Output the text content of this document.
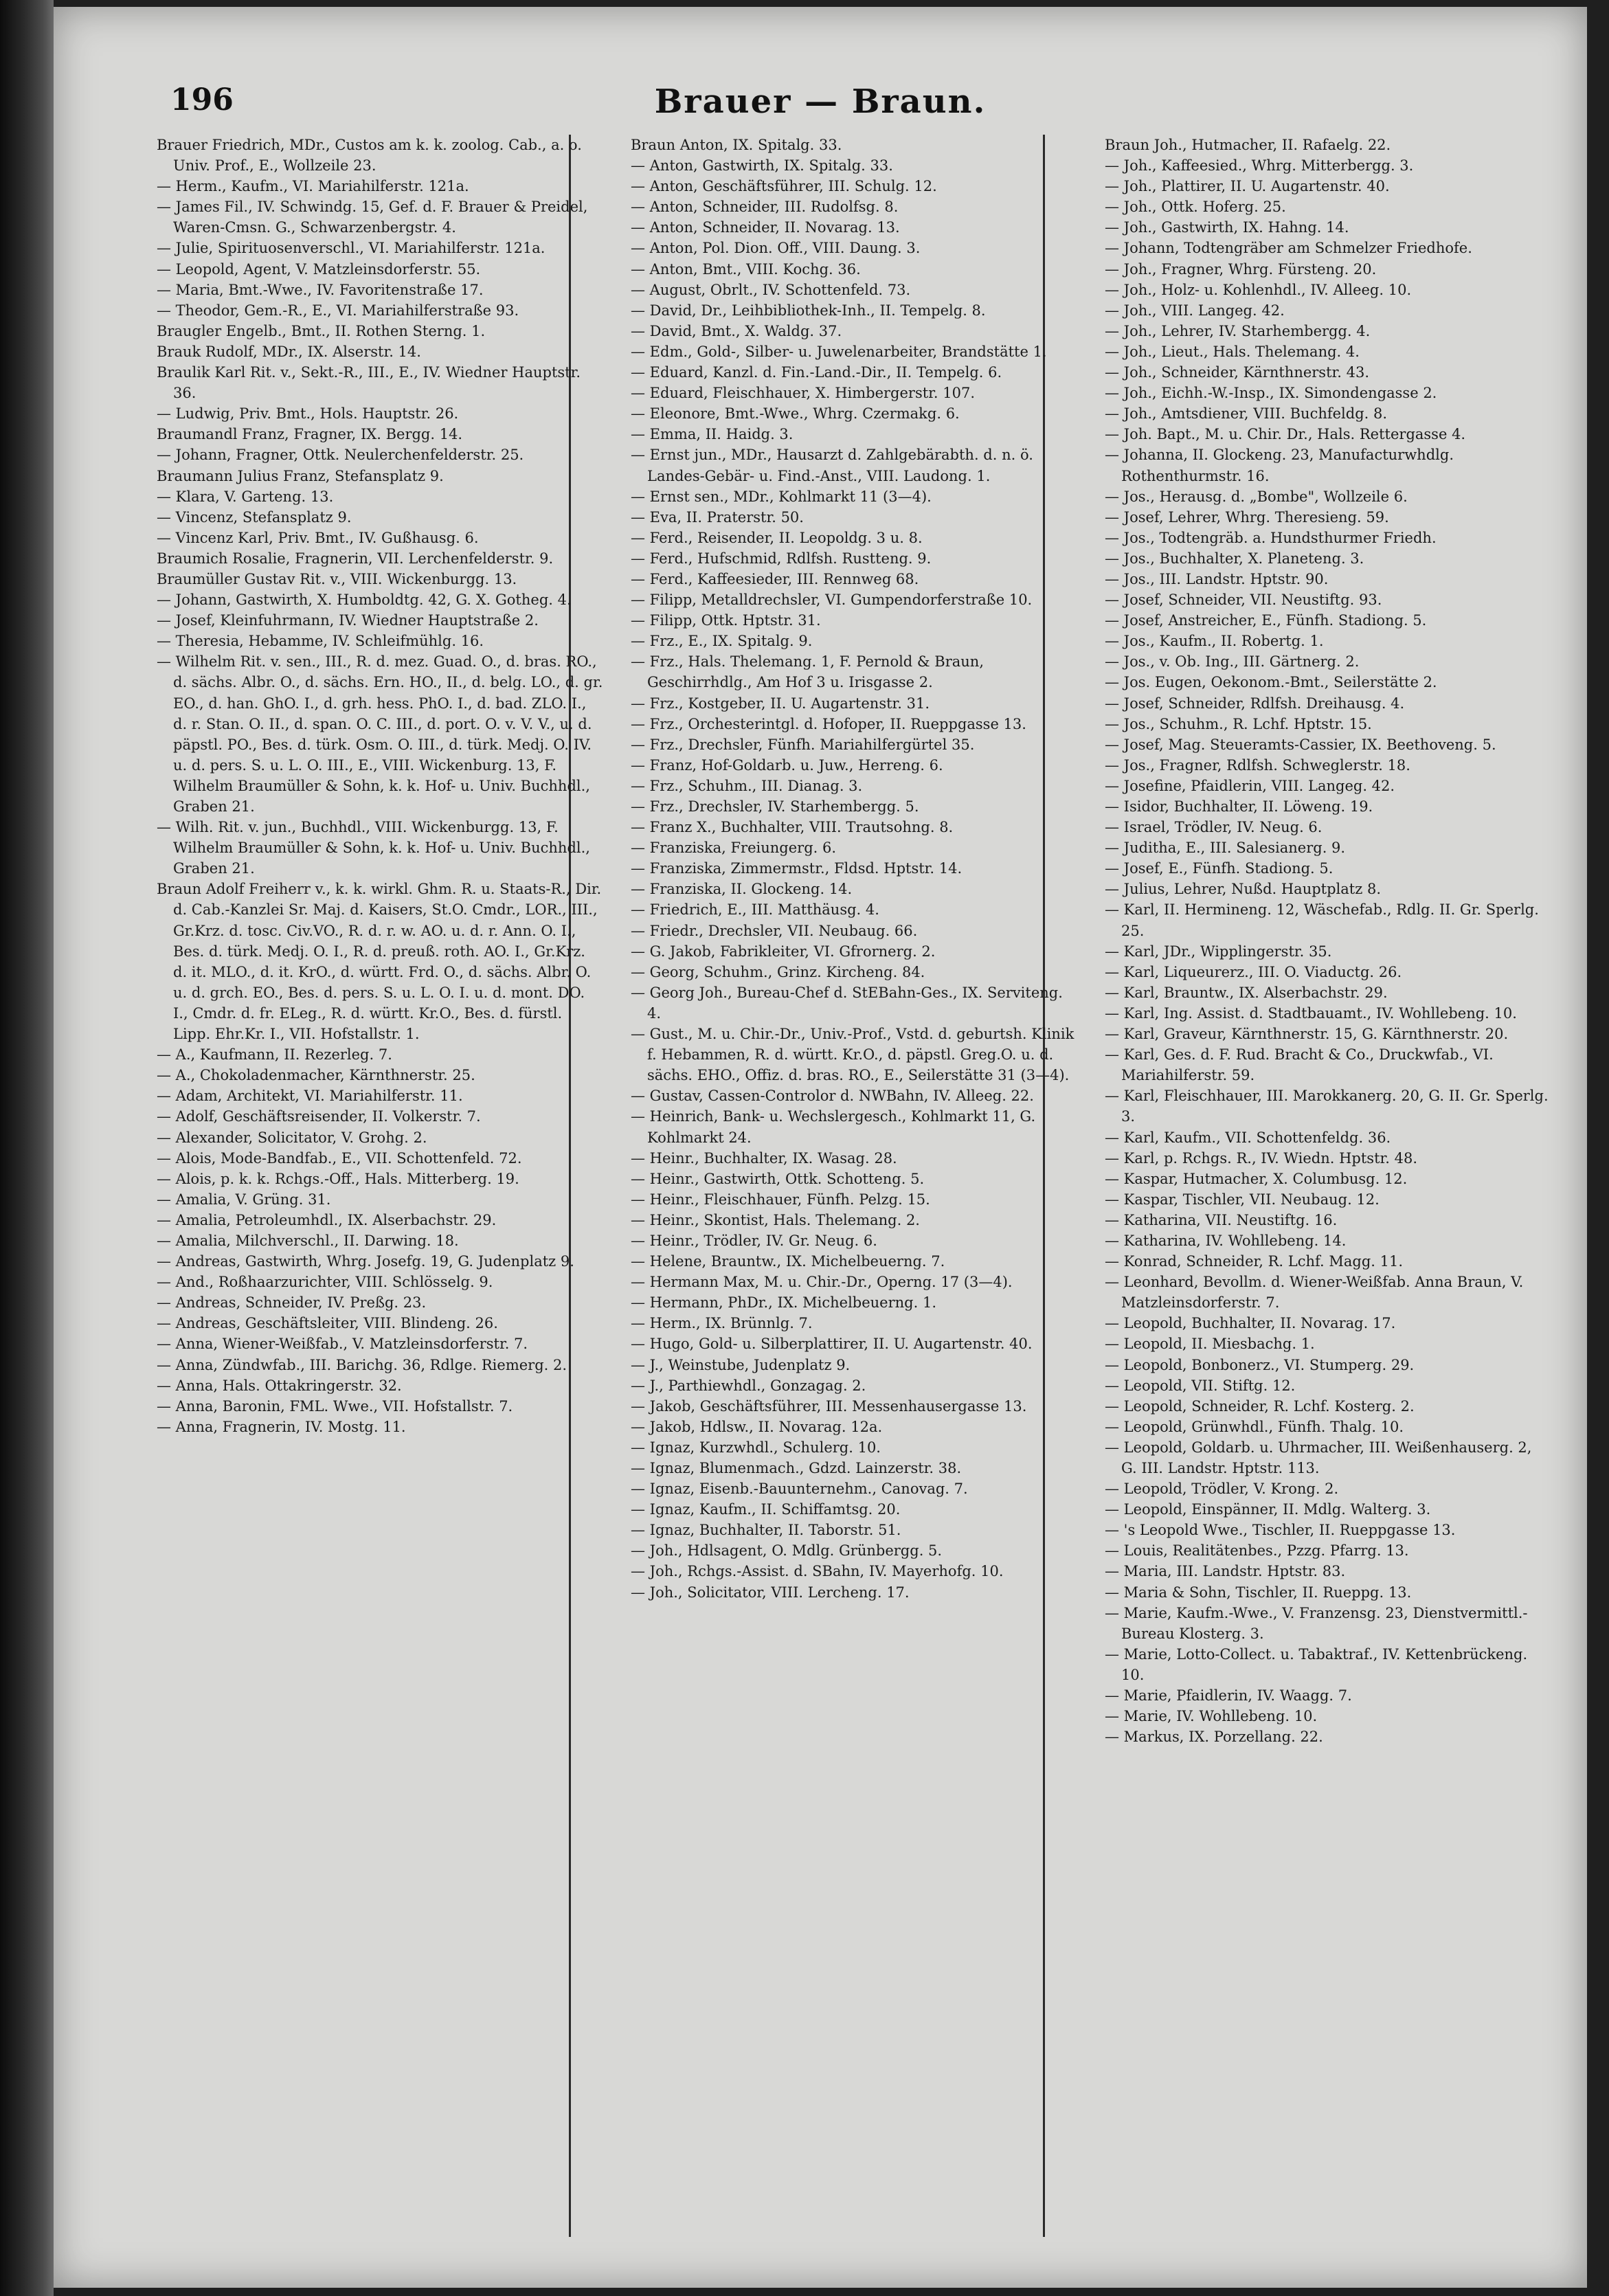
196	Brauer — Braun.
Brauer Friedrich, MDr., Custos am k. k. zoolog. Cab., a. o. Univ. Prof., E., Wollzeile 23.
— Herm., Kaufm., VI. Mariahilferstr. 121a.
— James Fil., IV. Schwindg. 15, Gef. d. F. Brauer & Preidel, Waren-Cmsn. G., Schwarzenbergstr. 4.
— Julie, Spirituosenverschl., VI. Mariahilferstr. 121a.
— Leopold, Agent, V. Matzleinsdorferstr. 55.
— Maria, Bmt.-Wwe., IV. Favoritenstraße 17.
— Theodor, Gem.-R., E., VI. Mariahilferstraße 93.
Braugler Engelb., Bmt., II. Rothen Sterng. 1.
Brauk Rudolf, MDr., IX. Alserstr. 14.
Braulik Karl Rit. v., Sekt.-R., III., E., IV. Wiedner Hauptstr. 36.
— Ludwig, Priv. Bmt., Hols. Hauptstr. 26.
Braumandl Franz, Fragner, IX. Bergg. 14.
— Johann, Fragner, Ottk. Neulerchenfelderstr. 25.
Braumann Julius Franz, Stefansplatz 9.
— Klara, V. Garteng. 13.
— Vincenz, Stefansplatz 9.
— Vincenz Karl, Priv. Bmt., IV. Gußhausg. 6.
Braumich Rosalie, Fragnerin, VII. Lerchenfelderstr. 9.
Braumüller Gustav Rit. v., VIII. Wickenburgg. 13.
— Johann, Gastwirth, X. Humboldtg. 42, G. X. Gotheg. 4.
— Josef, Kleinfuhrmann, IV. Wiedner Hauptstraße 2.
— Theresia, Hebamme, IV. Schleifmühlg. 16.
— Wilhelm Rit. v. sen., III., R. d. mez. Guad. O., d. bras. RO., d. sächs. Albr. O., d. sächs. Ern. HO., II., d. belg. LO., d. gr. EO., d. han. GhO. I., d. grh. hess. PhO. I., d. bad. ZLO. I., d. r. Stan. O. II., d. span. O. C. III., d. port. O. v. V. V., u. d. päpstl. PO., Bes. d. türk. Osm. O. III., d. türk. Medj. O. IV. u. d. pers. S. u. L. O. III., E., VIII. Wickenburg. 13, F. Wilhelm Braumüller & Sohn, k. k. Hof- u. Univ. Buchhdl., Graben 21.
— Wilh. Rit. v. jun., Buchhdl., VIII. Wickenburgg. 13, F. Wilhelm Braumüller & Sohn, k. k. Hof- u. Univ. Buchhdl., Graben 21.
Braun Adolf Freiherr v., k. k. wirkl. Ghm. R. u. Staats-R., Dir. d. Cab.-Kanzlei Sr. Maj. d. Kaisers, St.O. Cmdr., LOR., III., Gr.Krz. d. tosc. Civ.VO., R. d. r. w. AO. u. d. r. Ann. O. I., Bes. d. türk. Medj. O. I., R. d. preuß. roth. AO. I., Gr.Krz. d. it. MLO., d. it. KrO., d. württ. Frd. O., d. sächs. Albr. O. u. d. grch. EO., Bes. d. pers. S. u. L. O. I. u. d. mont. DO. I., Cmdr. d. fr. ELeg., R. d. württ. Kr.O., Bes. d. fürstl. Lipp. Ehr.Kr. I., VII. Hofstallstr. 1.
— A., Kaufmann, II. Rezerleg. 7.
— A., Chokoladenmacher, Kärnthnerstr. 25.
— Adam, Architekt, VI. Mariahilferstr. 11.
— Adolf, Geschäftsreisender, II. Volkerstr. 7.
— Alexander, Solicitator, V. Grohg. 2.
— Alois, Mode-Bandfab., E., VII. Schottenfeld. 72.
— Alois, p. k. k. Rchgs.-Off., Hals. Mitterberg. 19.
— Amalia, V. Grüng. 31.
— Amalia, Petroleumhdl., IX. Alserbachstr. 29.
— Amalia, Milchverschl., II. Darwing. 18.
— Andreas, Gastwirth, Whrg. Josefg. 19, G. Judenplatz 9.
— And., Roßhaarzurichter, VIII. Schlösselg. 9.
— Andreas, Schneider, IV. Preßg. 23.
— Andreas, Geschäftsleiter, VIII. Blindeng. 26.
— Anna, Wiener-Weißfab., V. Matzleinsdorferstr. 7.
— Anna, Zündwfab., III. Barichg. 36, Rdlge. Riemerg. 2.
— Anna, Hals. Ottakringerstr. 32.
— Anna, Baronin, FML. Wwe., VII. Hofstallstr. 7.
— Anna, Fragnerin, IV. Mostg. 11.
Braun Anton, IX. Spitalg. 33.
— Anton, Gastwirth, IX. Spitalg. 33.
— Anton, Geschäftsführer, III. Schulg. 12.
— Anton, Schneider, III. Rudolfsg. 8.
— Anton, Schneider, II. Novarag. 13.
— Anton, Pol. Dion. Off., VIII. Daung. 3.
— Anton, Bmt., VIII. Kochg. 36.
— August, Obrlt., IV. Schottenfeld. 73.
— David, Dr., Leihbibliothek-Inh., II. Tempelg. 8.
— David, Bmt., X. Waldg. 37.
— Edm., Gold-, Silber- u. Juwelenarbeiter, Brandstätte 1.
— Eduard, Kanzl. d. Fin.-Land.-Dir., II. Tempelg. 6.
— Eduard, Fleischhauer, X. Himbergerstr. 107.
— Eleonore, Bmt.-Wwe., Whrg. Czermakg. 6.
— Emma, II. Haidg. 3.
— Ernst jun., MDr., Hausarzt d. Zahlgebärabth. d. n. ö. Landes-Gebär- u. Find.-Anst., VIII. Laudong. 1.
— Ernst sen., MDr., Kohlmarkt 11 (3—4).
— Eva, II. Praterstr. 50.
— Ferd., Reisender, II. Leopoldg. 3 u. 8.
— Ferd., Hufschmid, Rdlfsh. Rustteng. 9.
— Ferd., Kaffeesieder, III. Rennweg 68.
— Filipp, Metalldrechsler, VI. Gumpendorferstraße 10.
— Filipp, Ottk. Hptstr. 31.
— Frz., E., IX. Spitalg. 9.
— Frz., Hals. Thelemang. 1, F. Pernold & Braun, Geschirrhdlg., Am Hof 3 u. Irisgasse 2.
— Frz., Kostgeber, II. U. Augartenstr. 31.
— Frz., Orchesterintgl. d. Hofoper, II. Rueppgasse 13.
— Frz., Drechsler, Fünfh. Mariahilfergürtel 35.
— Franz, Hof-Goldarb. u. Juw., Herreng. 6.
— Frz., Schuhm., III. Dianag. 3.
— Frz., Drechsler, IV. Starhembergg. 5.
— Franz X., Buchhalter, VIII. Trautsohng. 8.
— Franziska, Freiungerg. 6.
— Franziska, Zimmermstr., Fldsd. Hptstr. 14.
— Franziska, II. Glockeng. 14.
— Friedrich, E., III. Matthäusg. 4.
— Friedr., Drechsler, VII. Neubaug. 66.
— G. Jakob, Fabrikleiter, VI. Gfrornerg. 2.
— Georg, Schuhm., Grinz. Kircheng. 84.
— Georg Joh., Bureau-Chef d. StEBahn-Ges., IX. Serviteng. 4.
— Gust., M. u. Chir.-Dr., Univ.-Prof., Vstd. d. geburtsh. Klinik f. Hebammen, R. d. württ. Kr.O., d. päpstl. Greg.O. u. d. sächs. EHO., Offiz. d. bras. RO., E., Seilerstätte 31 (3—4).
— Gustav, Cassen-Controlor d. NWBahn, IV. Alleeg. 22.
— Heinrich, Bank- u. Wechslergesch., Kohlmarkt 11, G. Kohlmarkt 24.
— Heinr., Buchhalter, IX. Wasag. 28.
— Heinr., Gastwirth, Ottk. Schotteng. 5.
— Heinr., Fleischhauer, Fünfh. Pelzg. 15.
— Heinr., Skontist, Hals. Thelemang. 2.
— Heinr., Trödler, IV. Gr. Neug. 6.
— Helene, Brauntw., IX. Michelbeuerng. 7.
— Hermann Max, M. u. Chir.-Dr., Operng. 17 (3—4).
— Hermann, PhDr., IX. Michelbeuerng. 1.
— Herm., IX. Brünnlg. 7.
— Hugo, Gold- u. Silberplattirer, II. U. Augartenstr. 40.
— J., Weinstube, Judenplatz 9.
— J., Parthiewhdl., Gonzagag. 2.
— Jakob, Geschäftsführer, III. Messenhausergasse 13.
— Jakob, Hdlsw., II. Novarag. 12a.
— Ignaz, Kurzwhdl., Schulerg. 10.
— Ignaz, Blumenmach., Gdzd. Lainzerstr. 38.
— Ignaz, Eisenb.-Bauunternehm., Canovag. 7.
— Ignaz, Kaufm., II. Schiffamtsg. 20.
— Ignaz, Buchhalter, II. Taborstr. 51.
— Joh., Hdlsagent, O. Mdlg. Grünbergg. 5.
— Joh., Rchgs.-Assist. d. SBahn, IV. Mayerhofg. 10.
— Joh., Solicitator, VIII. Lercheng. 17.
Braun Joh., Hutmacher, II. Rafaelg. 22.
— Joh., Kaffeesied., Whrg. Mitterbergg. 3.
— Joh., Plattirer, II. U. Augartenstr. 40.
— Joh., Ottk. Hoferg. 25.
— Joh., Gastwirth, IX. Hahng. 14.
— Johann, Todtengräber am Schmelzer Friedhofe.
— Joh., Fragner, Whrg. Fürsteng. 20.
— Joh., Holz- u. Kohlenhdl., IV. Alleeg. 10.
— Joh., VIII. Langeg. 42.
— Joh., Lehrer, IV. Starhembergg. 4.
— Joh., Lieut., Hals. Thelemang. 4.
— Joh., Schneider, Kärnthnerstr. 43.
— Joh., Eichh.-W.-Insp., IX. Simondengasse 2.
— Joh., Amtsdiener, VIII. Buchfeldg. 8.
— Joh. Bapt., M. u. Chir. Dr., Hals. Rettergasse 4.
— Johanna, II. Glockeng. 23, Manufacturwhdlg. Rothenthurmstr. 16.
— Jos., Herausg. d. „Bombe", Wollzeile 6.
— Josef, Lehrer, Whrg. Theresieng. 59.
— Jos., Todtengräb. a. Hundsthurmer Friedh.
— Jos., Buchhalter, X. Planeteng. 3.
— Jos., III. Landstr. Hptstr. 90.
— Josef, Schneider, VII. Neustiftg. 93.
— Josef, Anstreicher, E., Fünfh. Stadiong. 5.
— Jos., Kaufm., II. Robertg. 1.
— Jos., v. Ob. Ing., III. Gärtnerg. 2.
— Jos. Eugen, Oekonom.-Bmt., Seilerstätte 2.
— Josef, Schneider, Rdlfsh. Dreihausg. 4.
— Jos., Schuhm., R. Lchf. Hptstr. 15.
— Josef, Mag. Steueramts-Cassier, IX. Beethoveng. 5.
— Jos., Fragner, Rdlfsh. Schweglerstr. 18.
— Josefine, Pfaidlerin, VIII. Langeg. 42.
— Isidor, Buchhalter, II. Löweng. 19.
— Israel, Trödler, IV. Neug. 6.
— Juditha, E., III. Salesianerg. 9.
— Josef, E., Fünfh. Stadiong. 5.
— Julius, Lehrer, Nußd. Hauptplatz 8.
— Karl, II. Hermineng. 12, Wäschefab., Rdlg. II. Gr. Sperlg. 25.
— Karl, JDr., Wipplingerstr. 35.
— Karl, Liqueurerz., III. O. Viaductg. 26.
— Karl, Brauntw., IX. Alserbachstr. 29.
— Karl, Ing. Assist. d. Stadtbauamt., IV. Wohllebeng. 10.
— Karl, Graveur, Kärnthnerstr. 15, G. Kärnthnerstr. 20.
— Karl, Ges. d. F. Rud. Bracht & Co., Druckwfab., VI. Mariahilferstr. 59.
— Karl, Fleischhauer, III. Marokkanerg. 20, G. II. Gr. Sperlg. 3.
— Karl, Kaufm., VII. Schottenfeldg. 36.
— Karl, p. Rchgs. R., IV. Wiedn. Hptstr. 48.
— Kaspar, Hutmacher, X. Columbusg. 12.
— Kaspar, Tischler, VII. Neubaug. 12.
— Katharina, VII. Neustiftg. 16.
— Katharina, IV. Wohllebeng. 14.
— Konrad, Schneider, R. Lchf. Magg. 11.
— Leonhard, Bevollm. d. Wiener-Weißfab. Anna Braun, V. Matzleinsdorferstr. 7.
— Leopold, Buchhalter, II. Novarag. 17.
— Leopold, II. Miesbachg. 1.
— Leopold, Bonbonerz., VI. Stumperg. 29.
— Leopold, VII. Stiftg. 12.
— Leopold, Schneider, R. Lchf. Kosterg. 2.
— Leopold, Grünwhdl., Fünfh. Thalg. 10.
— Leopold, Goldarb. u. Uhrmacher, III. Weißenhauserg. 2, G. III. Landstr. Hptstr. 113.
— Leopold, Trödler, V. Krong. 2.
— Leopold, Einspänner, II. Mdlg. Walterg. 3.
— 's Leopold Wwe., Tischler, II. Rueppgasse 13.
— Louis, Realitätenbes., Pzzg. Pfarrg. 13.
— Maria, III. Landstr. Hptstr. 83.
— Maria & Sohn, Tischler, II. Rueppg. 13.
— Marie, Kaufm.-Wwe., V. Franzensg. 23, Dienstvermittl.-Bureau Klosterg. 3.
— Marie, Lotto-Collect. u. Tabaktraf., IV. Kettenbrückeng. 10.
— Marie, Pfaidlerin, IV. Waagg. 7.
— Marie, IV. Wohllebeng. 10.
— Markus, IX. Porzellang. 22.
